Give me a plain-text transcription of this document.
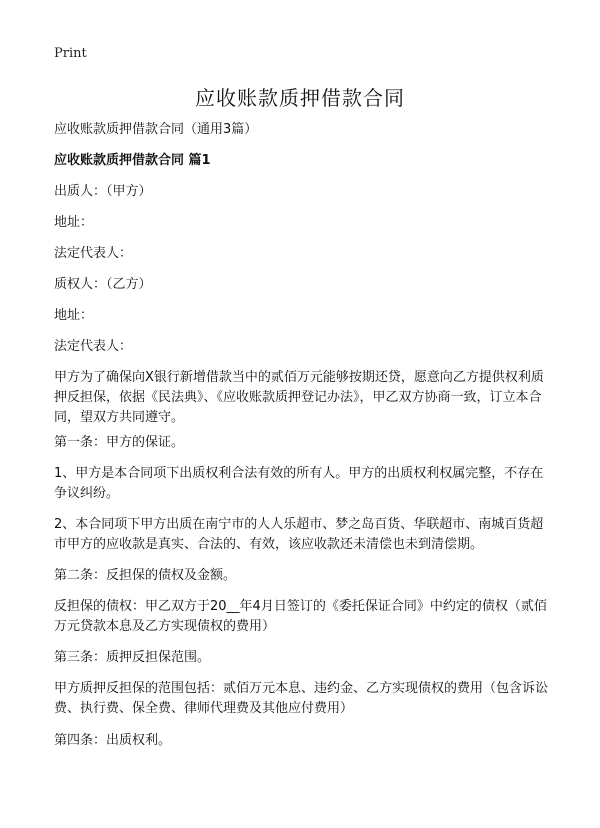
Print
应收账款质押借款合同

应收账款质押借款合同（通用3篇）

应收账款质押借款合同 篇1

出质人：（甲方）

地址：

法定代表人：

质权人：（乙方）

地址：

法定代表人：

甲方为了确保向X银行新增借款当中的贰佰万元能够按期还贷，愿意向乙方提供权利质押反担保，依据《民法典》、《应收账款质押登记办法》，甲乙双方协商一致，订立本合同，望双方共同遵守。

第一条：甲方的保证。

1、甲方是本合同项下出质权利合法有效的所有人。甲方的出质权利权属完整，不存在争议纠纷。

2、本合同项下甲方出质在南宁市的人人乐超市、梦之岛百货、华联超市、南城百货超市甲方的应收款是真实、合法的、有效，该应收款还未清偿也未到清偿期。

第二条：反担保的债权及金额。

反担保的债权：甲乙双方于20__年4月日签订的《委托保证合同》中约定的债权（贰佰万元贷款本息及乙方实现债权的费用）

第三条：质押反担保范围。

甲方质押反担保的范围包括：贰佰万元本息、违约金、乙方实现债权的费用（包含诉讼费、执行费、保全费、律师代理费及其他应付费用）

第四条：出质权利。
